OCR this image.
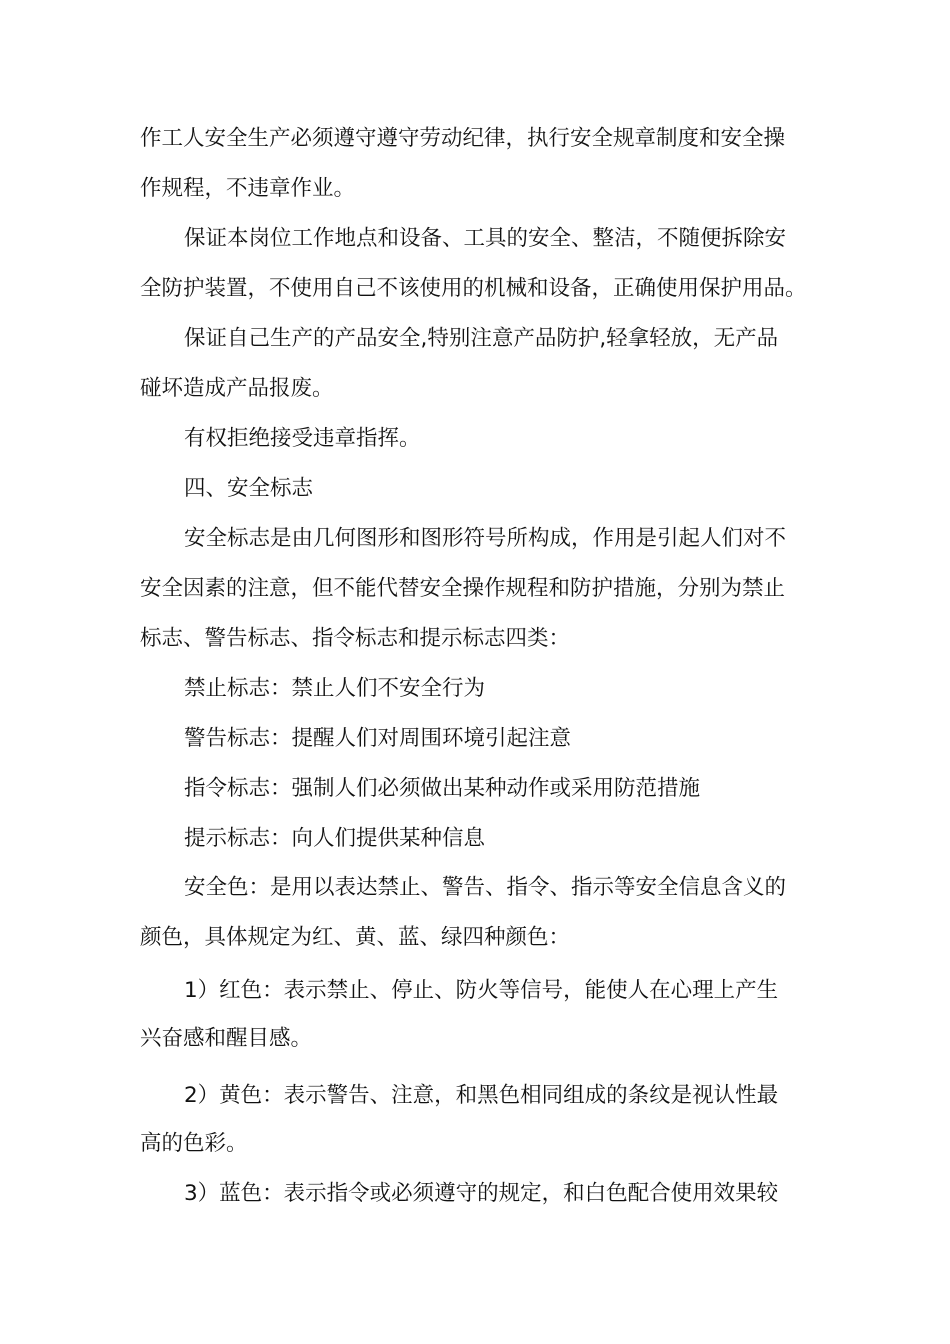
作工人安全生产必须遵守遵守劳动纪律，执行安全规章制度和安全操

作规程，不违章作业。

保证本岗位工作地点和设备、工具的安全、整洁，不随便拆除安

全防护装置，不使用自己不该使用的机械和设备，正确使用保护用品。

保证自己生产的产品安全,特别注意产品防护,轻拿轻放，无产品

碰坏造成产品报废。

有权拒绝接受违章指挥。

四、安全标志

安全标志是由几何图形和图形符号所构成，作用是引起人们对不

安全因素的注意，但不能代替安全操作规程和防护措施，分别为禁止

标志、警告标志、指令标志和提示标志四类：

禁止标志：禁止人们不安全行为

警告标志：提醒人们对周围环境引起注意

指令标志：强制人们必须做出某种动作或采用防范措施

提示标志：向人们提供某种信息

安全色：是用以表达禁止、警告、指令、指示等安全信息含义的

颜色，具体规定为红、黄、蓝、绿四种颜色：

1）红色：表示禁止、停止、防火等信号，能使人在心理上产生

兴奋感和醒目感。

2）黄色：表示警告、注意，和黑色相同组成的条纹是视认性最

高的色彩。

3）蓝色：表示指令或必须遵守的规定，和白色配合使用效果较
